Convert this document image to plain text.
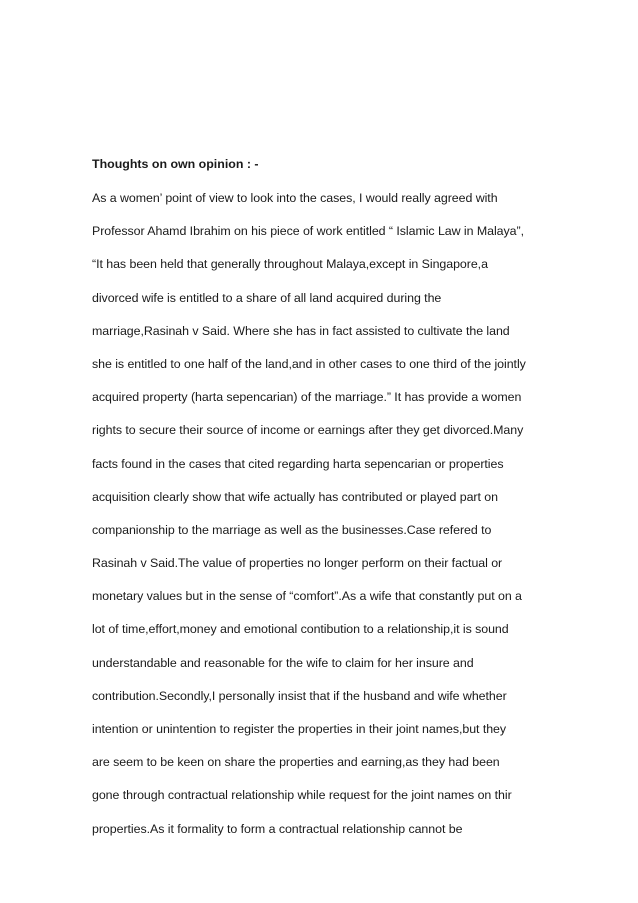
Thoughts on own opinion : -

As a women’ point of view to look into the cases, I would really agreed with
Professor Ahamd Ibrahim on his piece of work entitled “ Islamic Law in Malaya”,
“It has been held that generally throughout Malaya,except in Singapore,a
divorced wife is entitled to a share of all land acquired during the
marriage,Rasinah v Said. Where she has in fact assisted to cultivate the land
she is entitled to one half of the land,and in other cases to one third of the jointly
acquired property (harta sepencarian) of the marriage.” It has provide a women
rights to secure their source of income or earnings after they get divorced.Many
facts found in the cases that cited regarding harta sepencarian or properties
acquisition clearly show that wife actually has contributed or played part on
companionship to the marriage as well as the businesses.Case refered to
Rasinah v Said.The value of properties no longer perform on their factual or
monetary values but in the sense of “comfort”.As a wife that constantly put on a
lot of time,effort,money and emotional contibution to a relationship,it is sound
understandable and reasonable for the wife to claim for her insure and
contribution.Secondly,I personally insist that if the husband and wife whether
intention or unintention to register the properties in their joint names,but they
are seem to be keen on share the properties and earning,as they had been
gone through contractual relationship while request for the joint names on thir
properties.As it formality to form a contractual relationship cannot be
